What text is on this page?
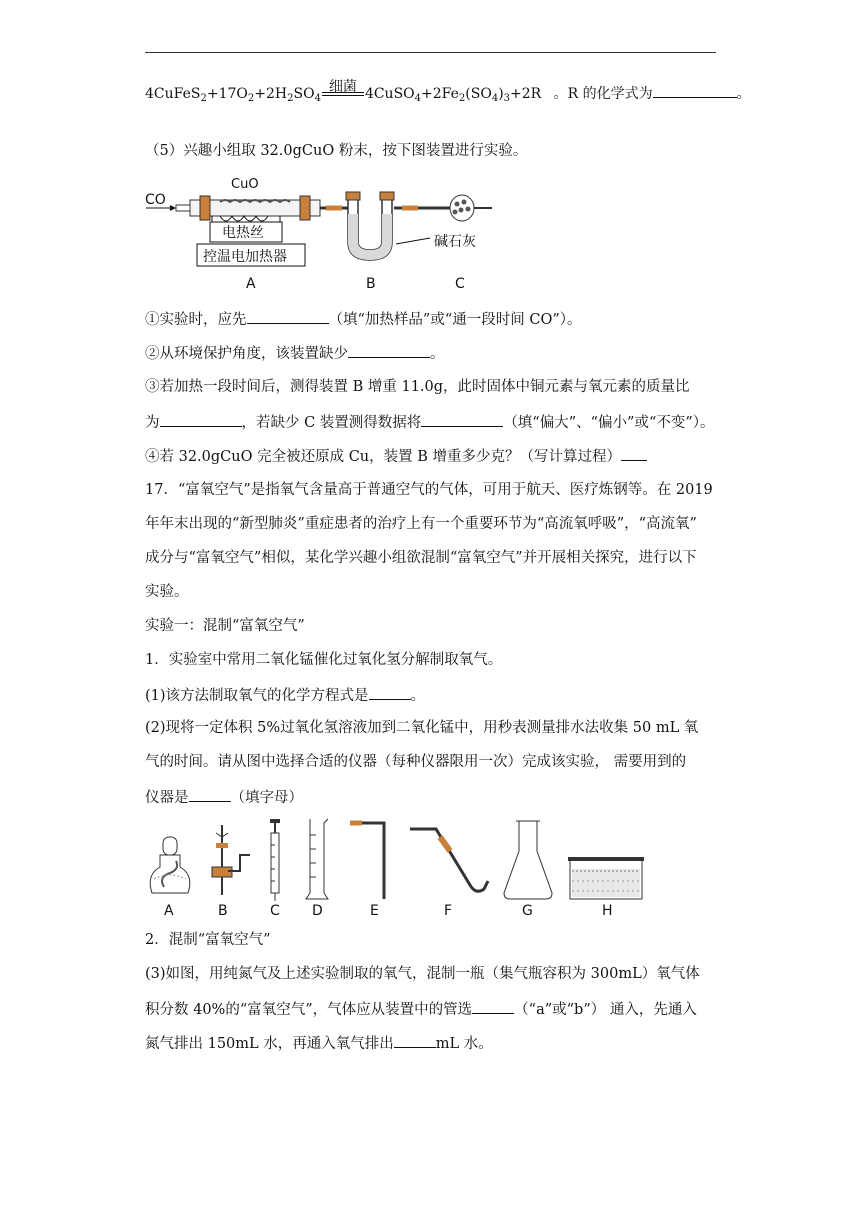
$4CuFeS_2+17O_2+2H_2SO_4$
细菌 $4CuSO_4+2Fe_2(SO_4)_3+2R$ 。R 的化学式为	。
（5）兴趣小组取 32.0gCuO 粉末，按下图装置进行实验。
CO
CuO
电热丝
控温电加热器
碱石灰
A	B	C
①实验时，应先	（填“加热样品”或“通一段时间 CO”）。
②从环境保护角度，该装置缺少	。
③若加热一段时间后，测得装置 B 增重 11.0g，此时固体中铜元素与氧元素的质量比
为	，若缺少 C 装置测得数据将	（填“偏大”、“偏小”或“不变”）。
④若 32.0gCuO 完全被还原成 Cu，装置 B 增重多少克？（写计算过程）
17．“富氧空气”是指氧气含量高于普通空气的气体，可用于航天、医疗炼钢等。在 2019
年年末出现的“新型肺炎”重症患者的治疗上有一个重要环节为“高流氧呼吸”，“高流氧”
成分与“富氧空气”相似，某化学兴趣小组欲混制“富氧空气”并开展相关探究，进行以下
实验。
实验一：混制“富氧空气”
1．实验室中常用二氧化锰催化过氧化氢分解制取氧气。
(1)该方法制取氧气的化学方程式是	。
(2)现将一定体积 5%过氧化氢溶液加到二氧化锰中，用秒表测量排水法收集 50 mL 氧
气的时间。请从图中选择合适的仪器（每种仪器限用一次）完成该实验， 需要用到的
仪器是	（填字母）
A	B	C D	E	F	G	H
2．混制“富氧空气”
(3)如图，用纯氮气及上述实验制取的氧气，混制一瓶（集气瓶容积为 300mL）氧气体
积分数 40%的“富氧空气”，气体应从装置中的管选	（“a”或“b”） 通入，先通入
氮气排出 150mL 水，再通入氧气排出	mL 水。
